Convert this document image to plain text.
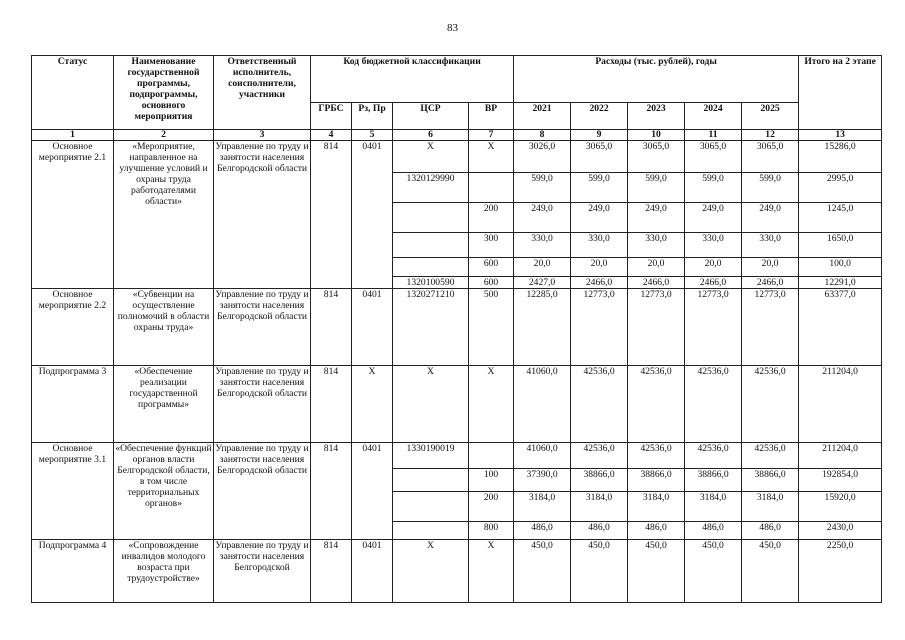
83
Статус	Наименование государственной программы, подпрограммы, основного мероприятия	Ответственный исполнитель, соисполнители, участники	Код бюджетной классификации				Расходы (тыс. рублей), годы					Итого на 2 этапе
			ГРБС	Рз, Пр	ЦСР	ВР	2021	2022	2023	2024	2025	
1	2	3	4	5	6	7	8	9	10	11	12	13
Основное мероприятие 2.1	«Мероприятие, направленное на улучшение условий и охраны труда работодателями области»	Управление по труду и занятости населения Белгородской области	814	0401	Х	Х	3026,0	3065,0	3065,0	3065,0	3065,0	15286,0
					1320129990		599,0	599,0	599,0	599,0	599,0	2995,0
						200	249,0	249,0	249,0	249,0	249,0	1245,0
						300	330,0	330,0	330,0	330,0	330,0	1650,0
						600	20,0	20,0	20,0	20,0	20,0	100,0
					1320100590	600	2427,0	2466,0	2466,0	2466,0	2466,0	12291,0
Основное мероприятие 2.2	«Субвенции на осуществление полномочий в области охраны труда»	Управление по труду и занятости населения Белгородской области	814	0401	1320271210	500	12285,0	12773,0	12773,0	12773,0	12773,0	63377,0
Подпрограмма 3	«Обеспечение реализации государственной программы»	Управление по труду и занятости населения Белгородской области	814	Х	Х	Х	41060,0	42536,0	42536,0	42536,0	42536,0	211204,0
Основное мероприятие 3.1	«Обеспечение функций органов власти Белгородской области, в том числе территориальных органов»	Управление по труду и занятости населения Белгородской области	814	0401	1330190019		41060,0	42536,0	42536,0	42536,0	42536,0	211204,0
						100	37390,0	38866,0	38866,0	38866,0	38866,0	192854,0
						200	3184,0	3184,0	3184,0	3184,0	3184,0	15920,0
						800	486,0	486,0	486,0	486,0	486,0	2430,0
Подпрограмма 4	«Сопровождение инвалидов молодого возраста при трудоустройстве»	Управление по труду и занятости населения Белгородской	814	0401	Х	Х	450,0	450,0	450,0	450,0	450,0	2250,0
